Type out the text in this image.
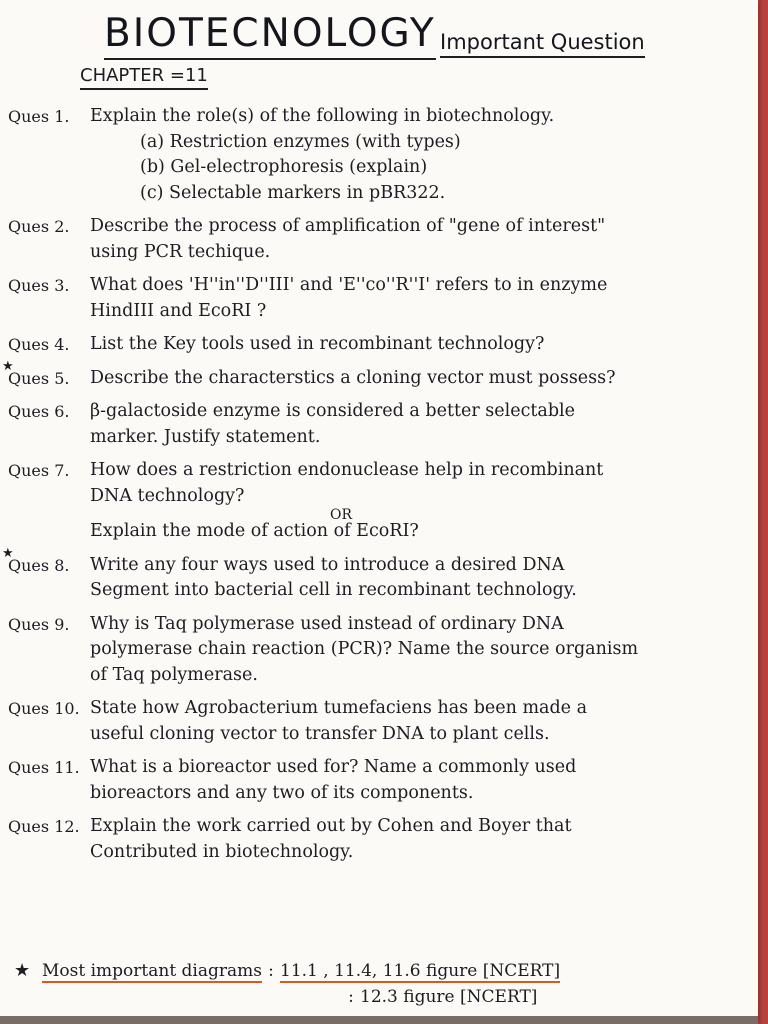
BIOTECNOLOGY Important Question
CHAPTER =11
Ques 1.	Explain the role(s) of the following in biotechnology.
(a) Restriction enzymes (with types)
(b) Gel-electrophoresis (explain)
(c) Selectable markers in pBR322.
Ques 2.	Describe the process of amplification of "gene of interest"
using PCR techique.
Ques 3.	What does 'H''in''D''III' and 'E''co''R''I' refers to in enzyme
HindIII and EcoRI ?
Ques 4.	List the Key tools used in recombinant technology?
★
Ques 5.	Describe the characterstics a cloning vector must possess?
Ques 6.	β-galactoside enzyme is considered a better selectable
marker. Justify statement.
Ques 7.	How does a restriction endonuclease help in recombinant
DNA technology?
OR
Explain the mode of action of EcoRI?
★
Ques 8.	Write any four ways used to introduce a desired DNA
Segment into bacterial cell in recombinant technology.
Ques 9.	Why is Taq polymerase used instead of ordinary DNA
polymerase chain reaction (PCR)? Name the source organism
of Taq polymerase.
Ques 10. State how Agrobacterium tumefaciens has been made a
useful cloning vector to transfer DNA to plant cells.
Ques 11. What is a bioreactor used for? Name a commonly used
bioreactors and any two of its components.
Ques 12. Explain the work carried out by Cohen and Boyer that
Contributed in biotechnology.
★ Most important diagrams : 11.1 , 11.4, 11.6 figure [NCERT]
: 12.3 figure [NCERT]
